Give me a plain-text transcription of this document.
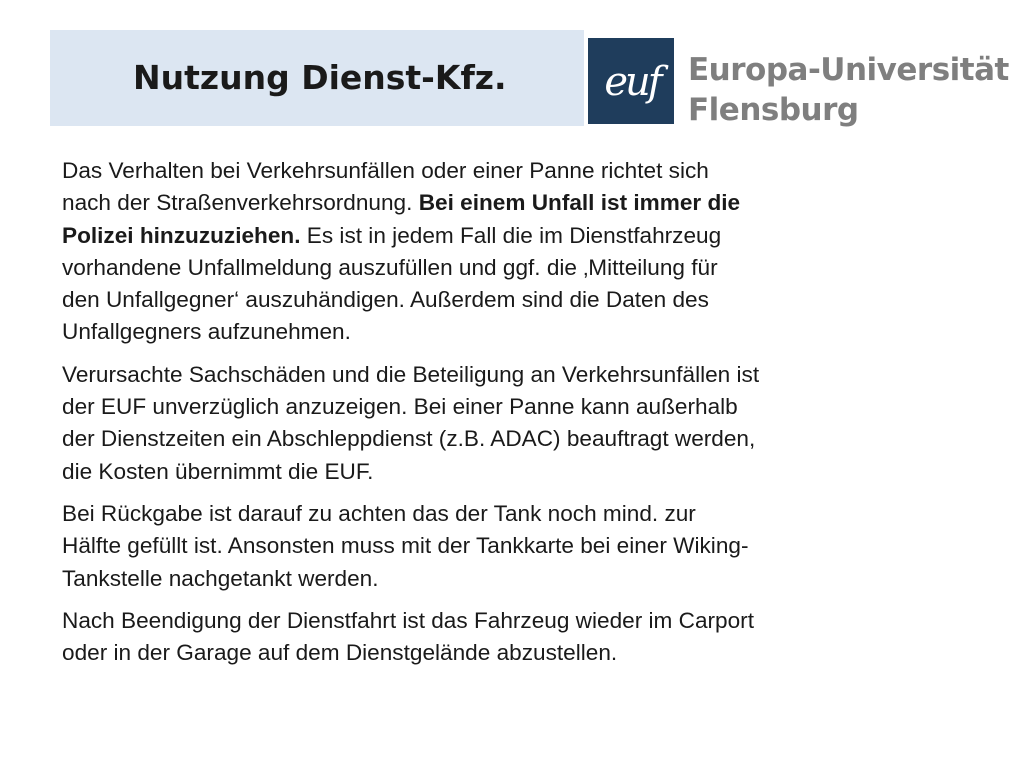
Nutzung Dienst-Kfz. euf Europa-Universität
Flensburg

Das Verhalten bei Verkehrsunfällen oder einer Panne richtet sich
nach der Straßenverkehrsordnung. Bei einem Unfall ist immer die
Polizei hinzuzuziehen. Es ist in jedem Fall die im Dienstfahrzeug
vorhandene Unfallmeldung auszufüllen und ggf. die ‚Mitteilung für
den Unfallgegner‘ auszuhändigen. Außerdem sind die Daten des
Unfallgegners aufzunehmen.

Verursachte Sachschäden und die Beteiligung an Verkehrsunfällen ist
der EUF unverzüglich anzuzeigen. Bei einer Panne kann außerhalb
der Dienstzeiten ein Abschleppdienst (z.B. ADAC) beauftragt werden,
die Kosten übernimmt die EUF.

Bei Rückgabe ist darauf zu achten das der Tank noch mind. zur
Hälfte gefüllt ist. Ansonsten muss mit der Tankkarte bei einer Wiking-
Tankstelle nachgetankt werden.

Nach Beendigung der Dienstfahrt ist das Fahrzeug wieder im Carport
oder in der Garage auf dem Dienstgelände abzustellen.
